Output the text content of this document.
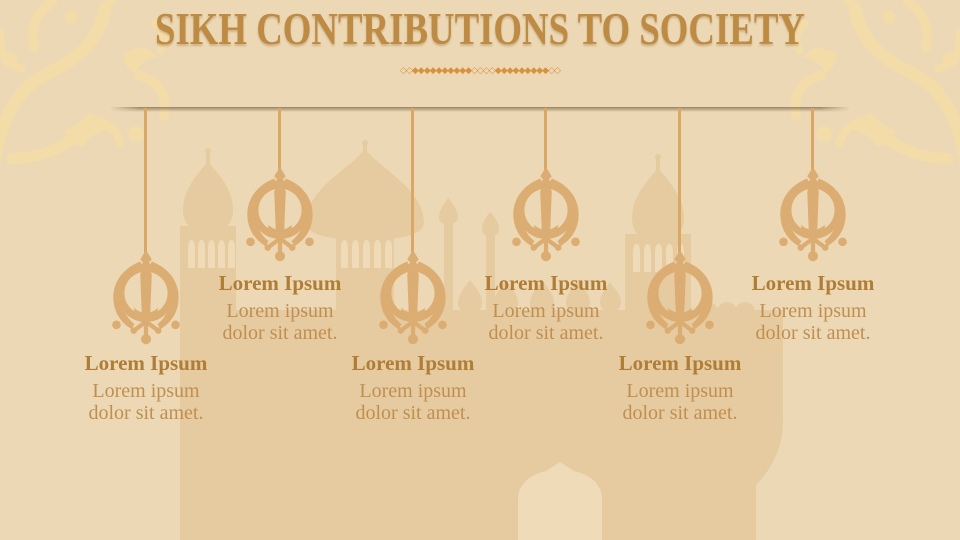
SIKH CONTRIBUTIONS TO SOCIETY
◇◇◆◆◆◆◆◆◆◆◆◆◇◇◇◇◆◆◆◆◆◆◆◆◆◇◇
Lorem Ipsum
Lorem ipsum dolor sit amet.
Lorem Ipsum
Lorem ipsum dolor sit amet.
Lorem Ipsum
Lorem ipsum dolor sit amet.
Lorem Ipsum
Lorem ipsum dolor sit amet.
Lorem Ipsum
Lorem ipsum dolor sit amet.
Lorem Ipsum
Lorem ipsum dolor sit amet.
